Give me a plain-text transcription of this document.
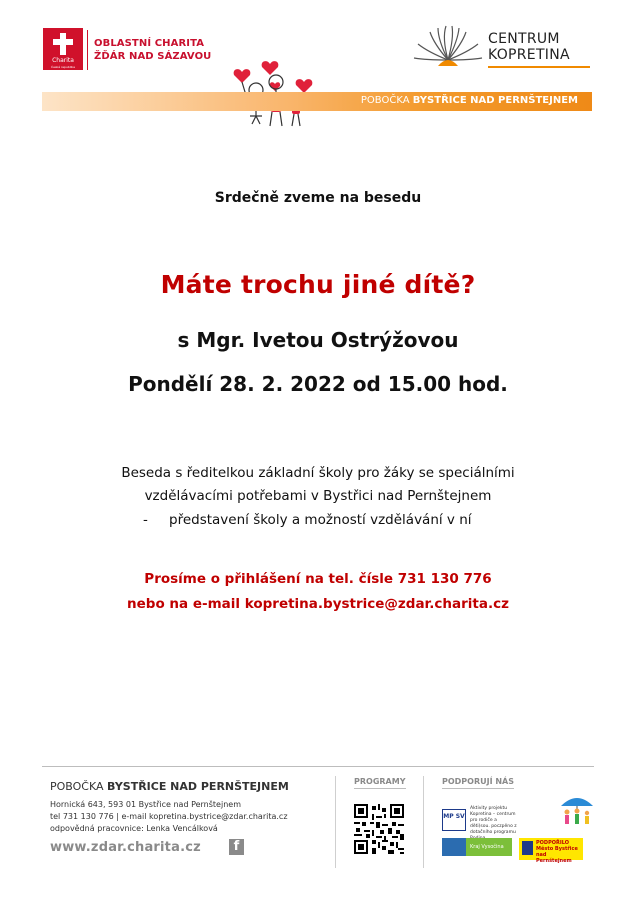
Charita
Česká republika
OBLASTNÍ CHARITA
ŽĎÁR NAD SÁZAVOU
CENTRUM
KOPRETINA
POBOČKA BYSTŘICE NAD PERNŠTEJNEM
Srdečně zveme na besedu
Máte trochu jiné dítě?
s Mgr. Ivetou Ostrýžovou
Pondělí 28. 2. 2022 od 15.00 hod.
Beseda s ředitelkou základní školy pro žáky se speciálními
vzdělávacími potřebami v Bystřici nad Pernštejnem
- představení školy a možností vzdělávání v ní
Prosíme o přihlášení na tel. čísle 731 130 776
nebo na e-mail kopretina.bystrice@zdar.charita.cz
POBOČKA BYSTŘICE NAD PERNŠTEJNEM
Hornická 643, 593 01 Bystřice nad Pernštejnem
tel 731 130 776 | e-mail kopretina.bystrice@zdar.charita.cz
odpovědná pracovnice: Lenka Vencálková
www.zdar.charita.cz	f
PROGRAMY	PODPORUJÍ NÁS
MP SV
Aktivity projektu Kopretina – centrum pro rodiče a děti(sou. poczpěno z dotačního programu
Kraj Vysočina
PODPOŘILO Město Bystřice nad Pernštejnem
